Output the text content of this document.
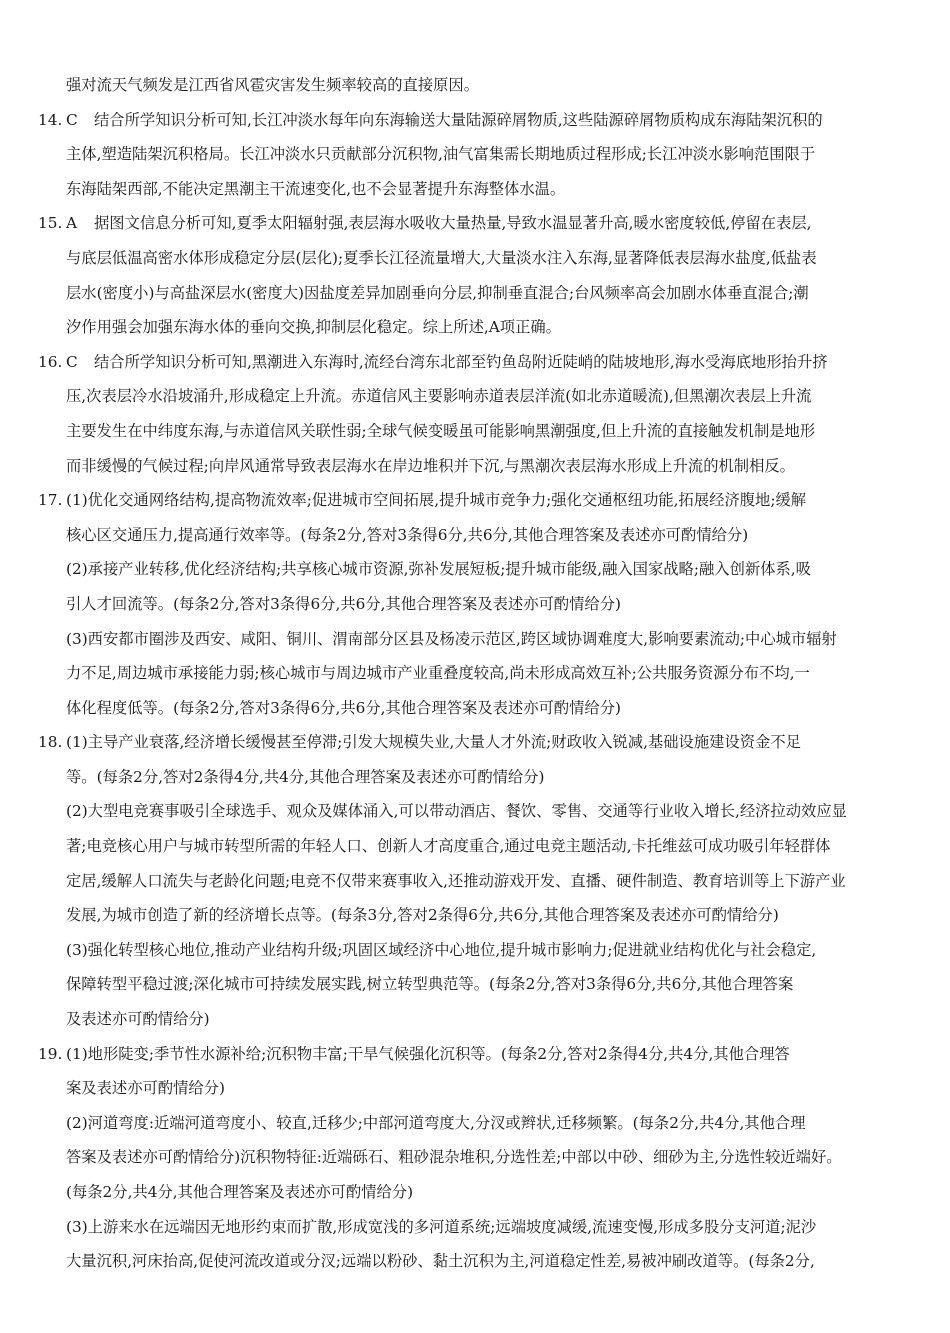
强对流天气频发是江西省风雹灾害发生频率较高的直接原因。
14. C 结合所学知识分析可知,长江冲淡水每年向东海输送大量陆源碎屑物质,这些陆源碎屑物质构成东海陆架沉积的
主体,塑造陆架沉积格局。长江冲淡水只贡献部分沉积物,油气富集需长期地质过程形成;长江冲淡水影响范围限于
东海陆架西部,不能决定黑潮主干流速变化,也不会显著提升东海整体水温。
15. A 据图文信息分析可知,夏季太阳辐射强,表层海水吸收大量热量,导致水温显著升高,暖水密度较低,停留在表层,
与底层低温高密水体形成稳定分层(层化);夏季长江径流量增大,大量淡水注入东海,显著降低表层海水盐度,低盐表
层水(密度小)与高盐深层水(密度大)因盐度差异加剧垂向分层,抑制垂直混合;台风频率高会加剧水体垂直混合;潮
汐作用强会加强东海水体的垂向交换,抑制层化稳定。综上所述,A项正确。
16. C 结合所学知识分析可知,黑潮进入东海时,流经台湾东北部至钓鱼岛附近陡峭的陆坡地形,海水受海底地形抬升挤
压,次表层冷水沿坡涌升,形成稳定上升流。赤道信风主要影响赤道表层洋流(如北赤道暖流),但黑潮次表层上升流
主要发生在中纬度东海,与赤道信风关联性弱;全球气候变暖虽可能影响黑潮强度,但上升流的直接触发机制是地形
而非缓慢的气候过程;向岸风通常导致表层海水在岸边堆积并下沉,与黑潮次表层海水形成上升流的机制相反。
17. (1)优化交通网络结构,提高物流效率;促进城市空间拓展,提升城市竞争力;强化交通枢纽功能,拓展经济腹地;缓解
核心区交通压力,提高通行效率等。(每条2分,答对3条得6分,共6分,其他合理答案及表述亦可酌情给分)
(2)承接产业转移,优化经济结构;共享核心城市资源,弥补发展短板;提升城市能级,融入国家战略;融入创新体系,吸
引人才回流等。(每条2分,答对3条得6分,共6分,其他合理答案及表述亦可酌情给分)
(3)西安都市圈涉及西安、咸阳、铜川、渭南部分区县及杨凌示范区,跨区域协调难度大,影响要素流动;中心城市辐射
力不足,周边城市承接能力弱;核心城市与周边城市产业重叠度较高,尚未形成高效互补;公共服务资源分布不均,一
体化程度低等。(每条2分,答对3条得6分,共6分,其他合理答案及表述亦可酌情给分)
18. (1)主导产业衰落,经济增长缓慢甚至停滞;引发大规模失业,大量人才外流;财政收入锐减,基础设施建设资金不足
等。(每条2分,答对2条得4分,共4分,其他合理答案及表述亦可酌情给分)
(2)大型电竞赛事吸引全球选手、观众及媒体涌入,可以带动酒店、餐饮、零售、交通等行业收入增长,经济拉动效应显
著;电竞核心用户与城市转型所需的年轻人口、创新人才高度重合,通过电竞主题活动,卡托维兹可成功吸引年轻群体
定居,缓解人口流失与老龄化问题;电竞不仅带来赛事收入,还推动游戏开发、直播、硬件制造、教育培训等上下游产业
发展,为城市创造了新的经济增长点等。(每条3分,答对2条得6分,共6分,其他合理答案及表述亦可酌情给分)
(3)强化转型核心地位,推动产业结构升级;巩固区域经济中心地位,提升城市影响力;促进就业结构优化与社会稳定,
保障转型平稳过渡;深化城市可持续发展实践,树立转型典范等。(每条2分,答对3条得6分,共6分,其他合理答案
及表述亦可酌情给分)
19. (1)地形陡变;季节性水源补给;沉积物丰富;干旱气候强化沉积等。(每条2分,答对2条得4分,共4分,其他合理答
案及表述亦可酌情给分)
(2)河道弯度:近端河道弯度小、较直,迁移少;中部河道弯度大,分汊或辫状,迁移频繁。(每条2分,共4分,其他合理
答案及表述亦可酌情给分)沉积物特征:近端砾石、粗砂混杂堆积,分选性差;中部以中砂、细砂为主,分选性较近端好。
(每条2分,共4分,其他合理答案及表述亦可酌情给分)
(3)上游来水在远端因无地形约束而扩散,形成宽浅的多河道系统;远端坡度减缓,流速变慢,形成多股分支河道;泥沙
大量沉积,河床抬高,促使河流改道或分汊;远端以粉砂、黏土沉积为主,河道稳定性差,易被冲刷改道等。(每条2分,
